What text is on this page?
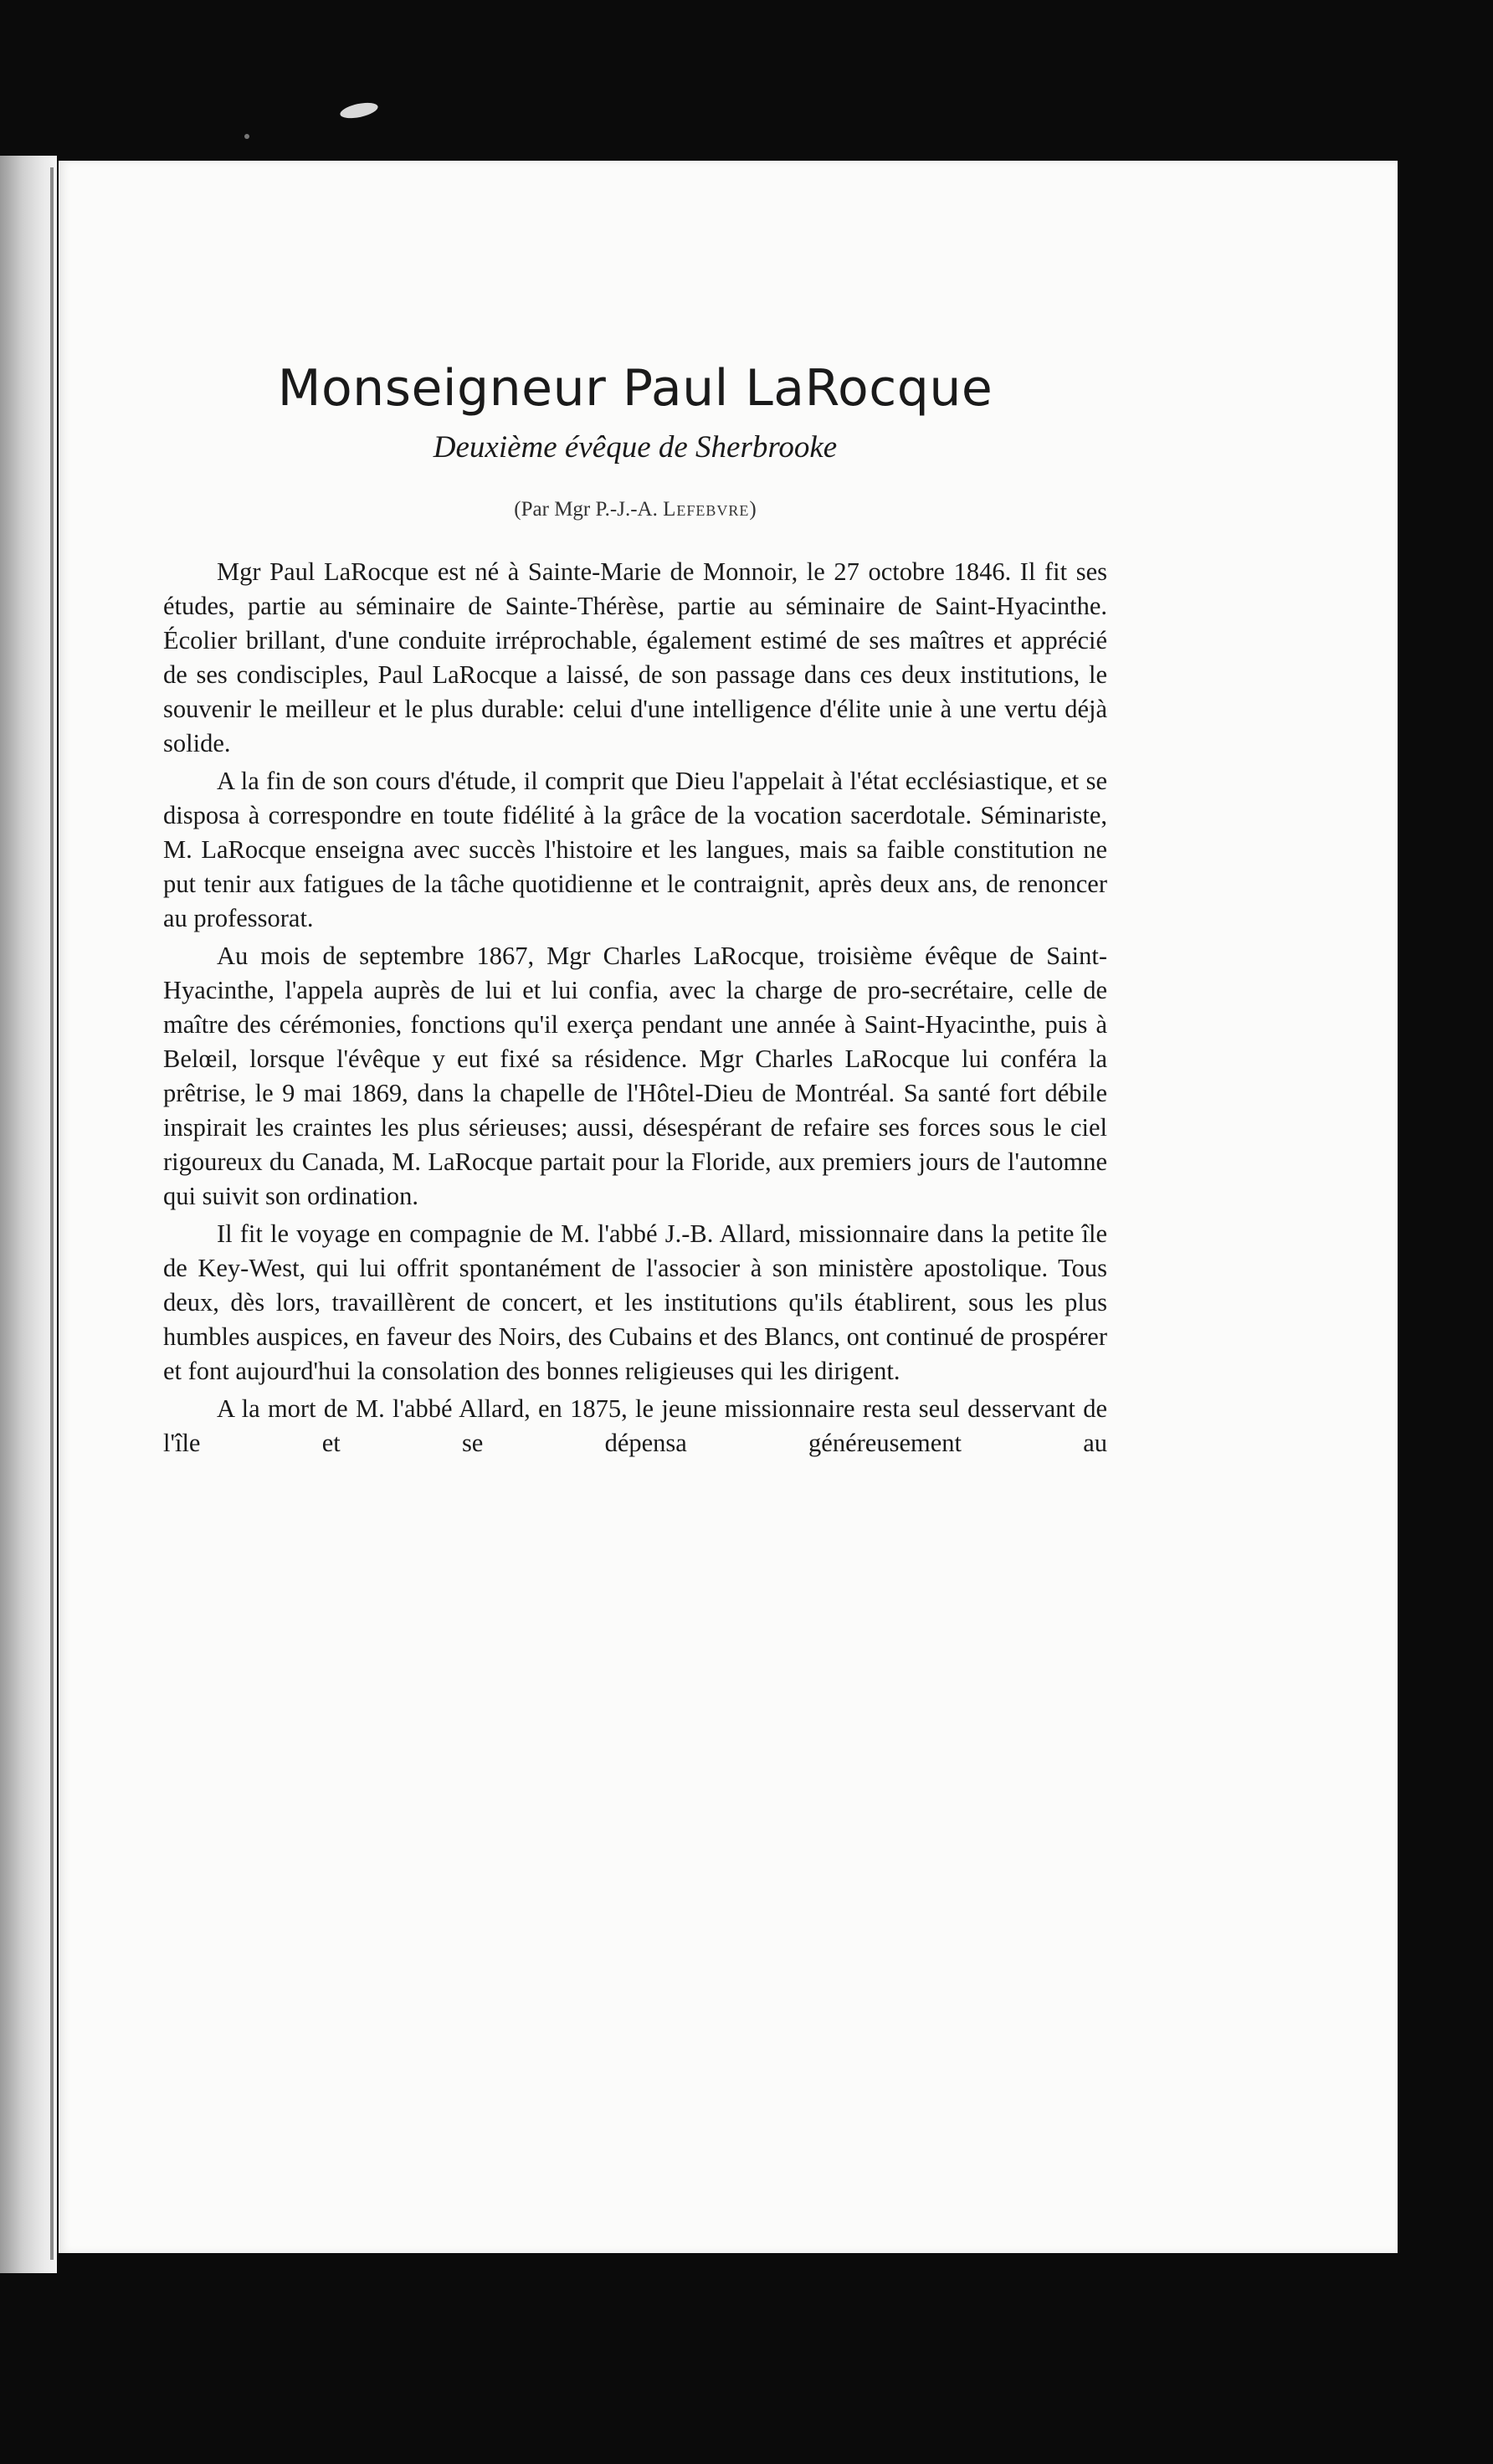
Monseigneur Paul LaRocque
Deuxième évêque de Sherbrooke
(Par Mgr P.-J.-A. Lefebvre)

Mgr Paul LaRocque est né à Sainte-Marie de Monnoir, le 27 octobre 1846. Il fit ses études, partie au séminaire de Sainte-Thérèse, partie au séminaire de Saint-Hyacinthe. Écolier brillant, d'une conduite irréprochable, également estimé de ses maîtres et apprécié de ses condisciples, Paul LaRocque a laissé, de son passage dans ces deux institutions, le souvenir le meilleur et le plus durable: celui d'une intelligence d'élite unie à une vertu déjà solide.

A la fin de son cours d'étude, il comprit que Dieu l'appelait à l'état ecclésiastique, et se disposa à correspondre en toute fidélité à la grâce de la vocation sacerdotale. Séminariste, M. LaRocque enseigna avec succès l'histoire et les langues, mais sa faible constitution ne put tenir aux fatigues de la tâche quotidienne et le contraignit, après deux ans, de renoncer au professorat.

Au mois de septembre 1867, Mgr Charles LaRocque, troisième évêque de Saint-Hyacinthe, l'appela auprès de lui et lui confia, avec la charge de pro-secrétaire, celle de maître des cérémonies, fonctions qu'il exerça pendant une année à Saint-Hyacinthe, puis à Belœil, lorsque l'évêque y eut fixé sa résidence. Mgr Charles LaRocque lui conféra la prêtrise, le 9 mai 1869, dans la chapelle de l'Hôtel-Dieu de Montréal. Sa santé fort débile inspirait les craintes les plus sérieuses; aussi, désespérant de refaire ses forces sous le ciel rigoureux du Canada, M. LaRocque partait pour la Floride, aux premiers jours de l'automne qui suivit son ordination.

Il fit le voyage en compagnie de M. l'abbé J.-B. Allard, missionnaire dans la petite île de Key-West, qui lui offrit spontanément de l'associer à son ministère apostolique. Tous deux, dès lors, travaillèrent de concert, et les institutions qu'ils établirent, sous les plus humbles auspices, en faveur des Noirs, des Cubains et des Blancs, ont continué de prospérer et font aujourd'hui la consolation des bonnes religieuses qui les dirigent.

A la mort de M. l'abbé Allard, en 1875, le jeune missionnaire resta seul desservant de l'île et se dépensa généreusement au
